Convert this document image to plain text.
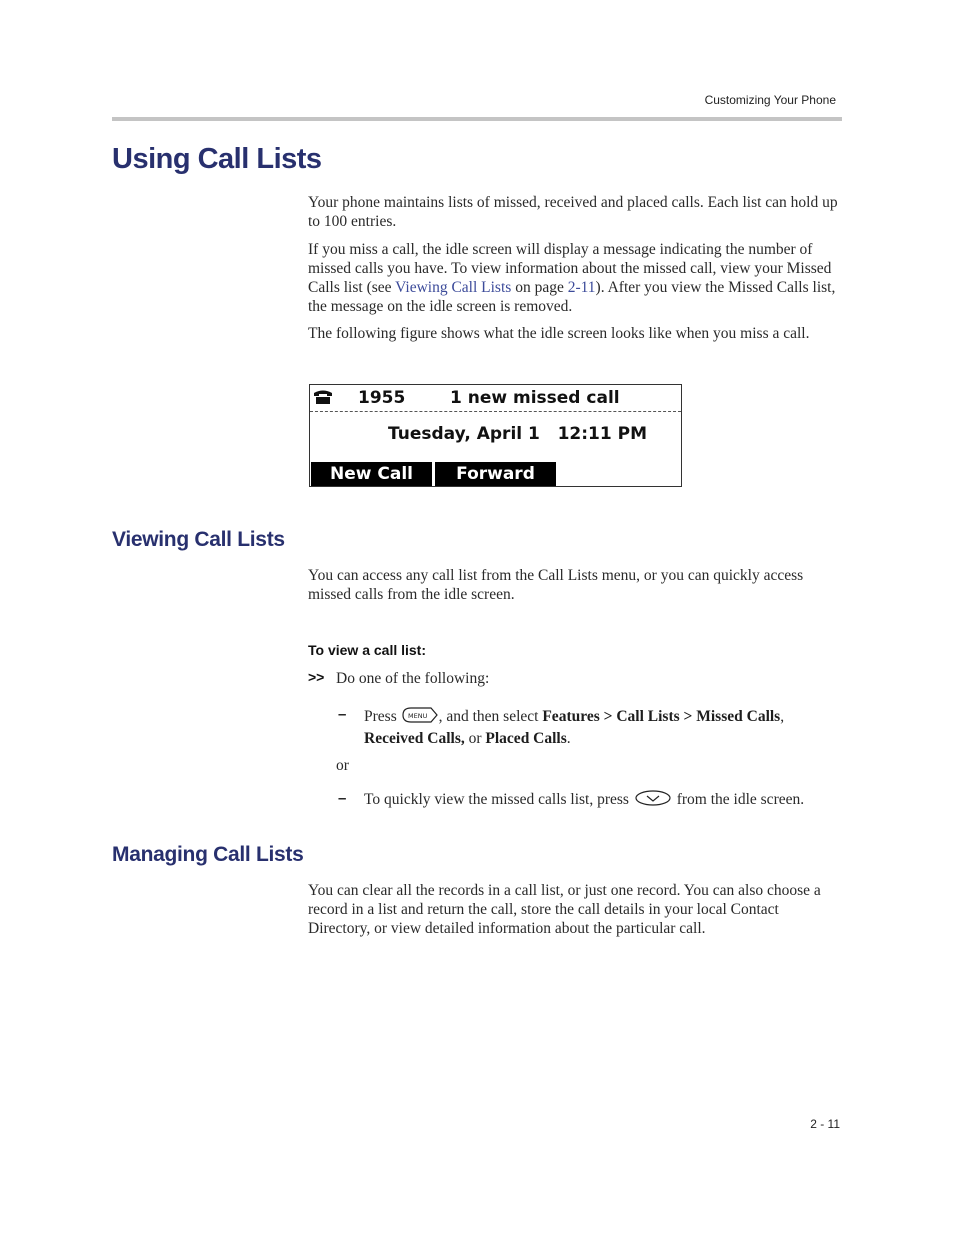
Customizing Your Phone
Using Call Lists

Your phone maintains lists of missed, received and placed calls. Each list can hold up to 100 entries.

If you miss a call, the idle screen will display a message indicating the number of missed calls you have. To view information about the missed call, view your Missed Calls list (see Viewing Call Lists on page 2-11). After you view the Missed Calls list, the message on the idle screen is removed.

The following figure shows what the idle screen looks like when you miss a call.

1955	1 new missed call
Tuesday, April 1   12:11 PM
New Call	Forward
Viewing Call Lists

You can access any call list from the Call Lists menu, or you can quickly access missed calls from the idle screen.

To view a call list:

>> Do one of the following:

– Press MENU , and then select Features > Call Lists > Missed Calls, Received Calls, or Placed Calls.

or

– To quickly view the missed calls list, press	from the idle screen.

Managing Call Lists

You can clear all the records in a call list, or just one record. You can also choose a record in a list and return the call, store the call details in your local Contact Directory, or view detailed information about the particular call.

2 - 11
